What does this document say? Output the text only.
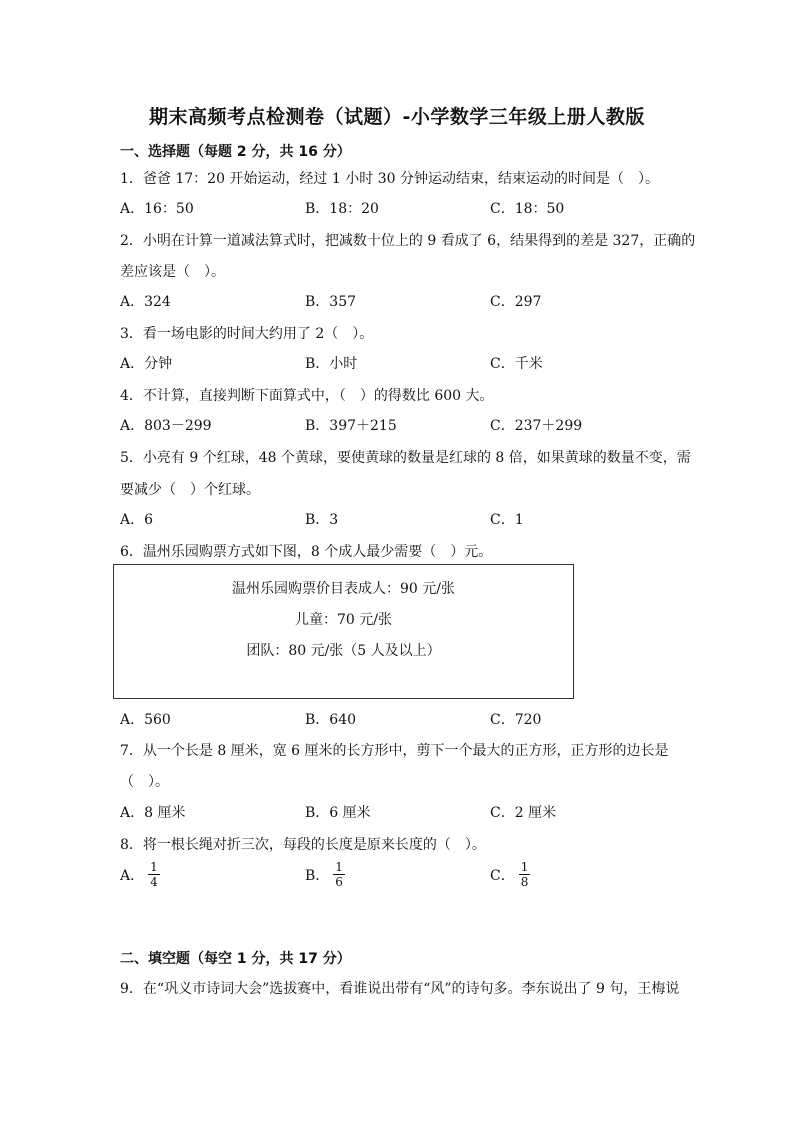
期末高频考点检测卷（试题）-小学数学三年级上册人教版
一、选择题（每题 2 分，共 16 分）
1．爸爸 17：20 开始运动，经过 1 小时 30 分钟运动结束，结束运动的时间是（　）。
A．16：50	B．18：20	C．18：50
2．小明在计算一道减法算式时，把减数十位上的 9 看成了 6，结果得到的差是 327，正确的
差应该是（　）。
A．324	B．357	C．297
3．看一场电影的时间大约用了 2（　）。
A．分钟	B．小时	C．千米
4．不计算，直接判断下面算式中，（　）的得数比 600 大。
A．803－299	B．397＋215	C．237＋299
5．小亮有 9 个红球，48 个黄球，要使黄球的数量是红球的 8 倍，如果黄球的数量不变，需
要减少（　）个红球。
A．6	B．3	C．1
6．温州乐园购票方式如下图，8 个成人最少需要（　）元。
温州乐园购票价目表成人：90 元/张
儿童：70 元/张
团队：80 元/张（5 人及以上）
A．560	B．640	C．720
7．从一个长是 8 厘米，宽 6 厘米的长方形中，剪下一个最大的正方形，正方形的边长是
（　）。
A．8 厘米	B．6 厘米	C．2 厘米
8．将一根长绳对折三次，每段的长度是原来长度的（　）。
A． $\frac{1}{4}$	B． $\frac{1}{6}$	C． $\frac{1}{8}$
二、填空题（每空 1 分，共 17 分）
9．在“巩义市诗词大会”选拔赛中，看谁说出带有“风”的诗句多。李东说出了 9 句，王梅说
